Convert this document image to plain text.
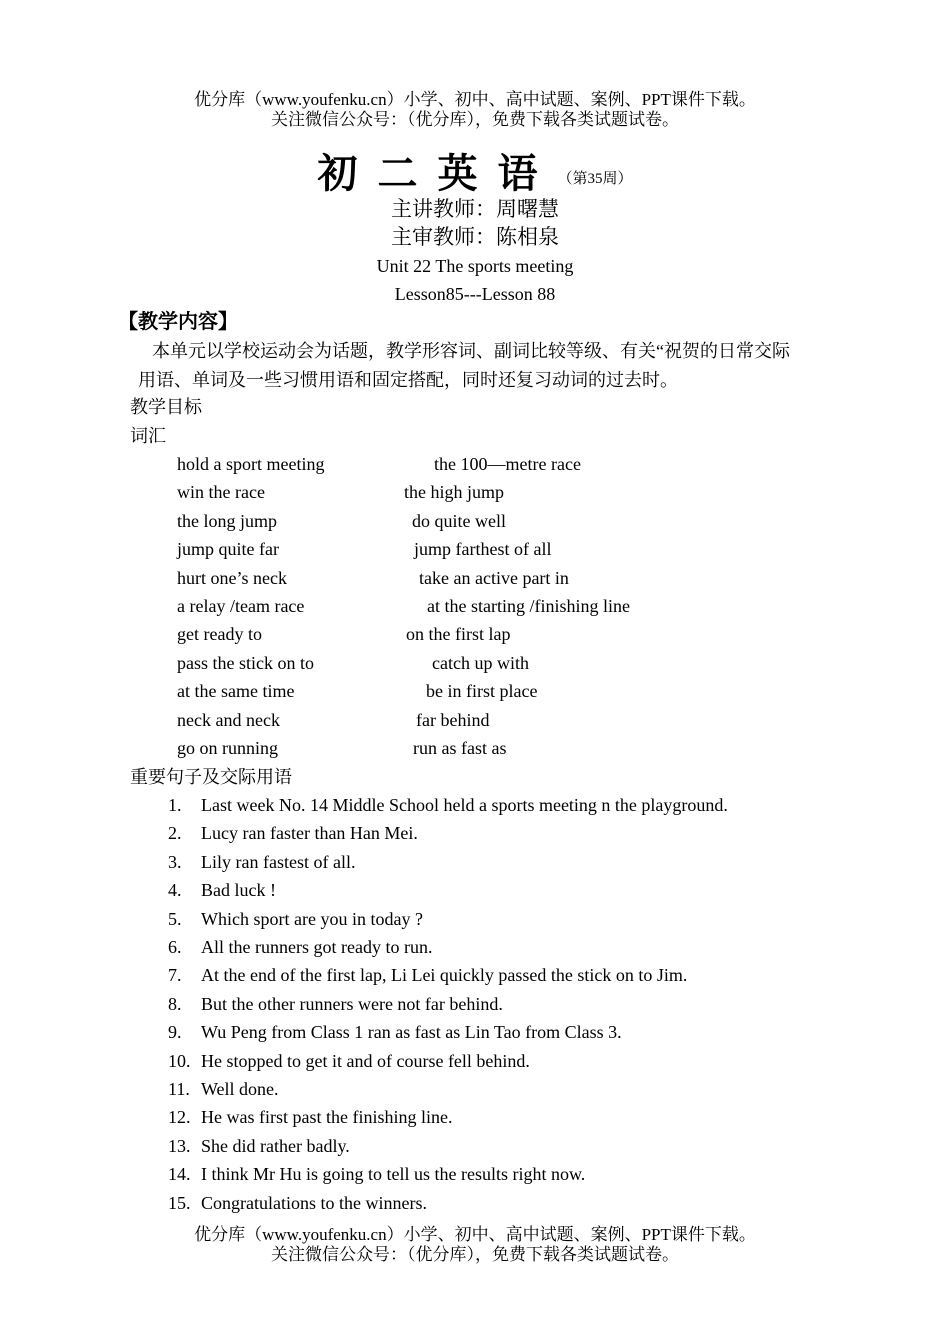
优分库（www.youfenku.cn）小学、初中、高中试题、案例、PPT课件下载。
关注微信公众号：（优分库），免费下载各类试题试卷。
初二英语（第35周）
主讲教师：周曙慧
主审教师：陈相泉
Unit 22 The sports meeting
Lesson85---Lesson 88
【教学内容】
本单元以学校运动会为话题，教学形容词、副词比较等级、有关“祝贺的日常交际
用语、单词及一些习惯用语和固定搭配，同时还复习动词的过去时。
教学目标
词汇
hold a sport meeting	the 100—metre race
win the race	the high jump
the long jump	do quite well
jump quite far	jump farthest of all
hurt one’s neck	take an active part in
a relay /team race	at the starting /finishing line
get ready to	on the first lap
pass the stick on to	catch up with
at the same time	be in first place
neck and neck	far behind
go on running	run as fast as
重要句子及交际用语
1. Last week No. 14 Middle School held a sports meeting n the playground.
2. Lucy ran faster than Han Mei.
3. Lily ran fastest of all.
4. Bad luck !
5. Which sport are you in today ?
6. All the runners got ready to run.
7. At the end of the first lap, Li Lei quickly passed the stick on to Jim.
8. But the other runners were not far behind.
9. Wu Peng from Class 1 ran as fast as Lin Tao from Class 3.
10. He stopped to get it and of course fell behind.
11. Well done.
12. He was first past the finishing line.
13. She did rather badly.
14. I think Mr Hu is going to tell us the results right now.
15. Congratulations to the winners.
优分库（www.youfenku.cn）小学、初中、高中试题、案例、PPT课件下载。
关注微信公众号：（优分库），免费下载各类试题试卷。
